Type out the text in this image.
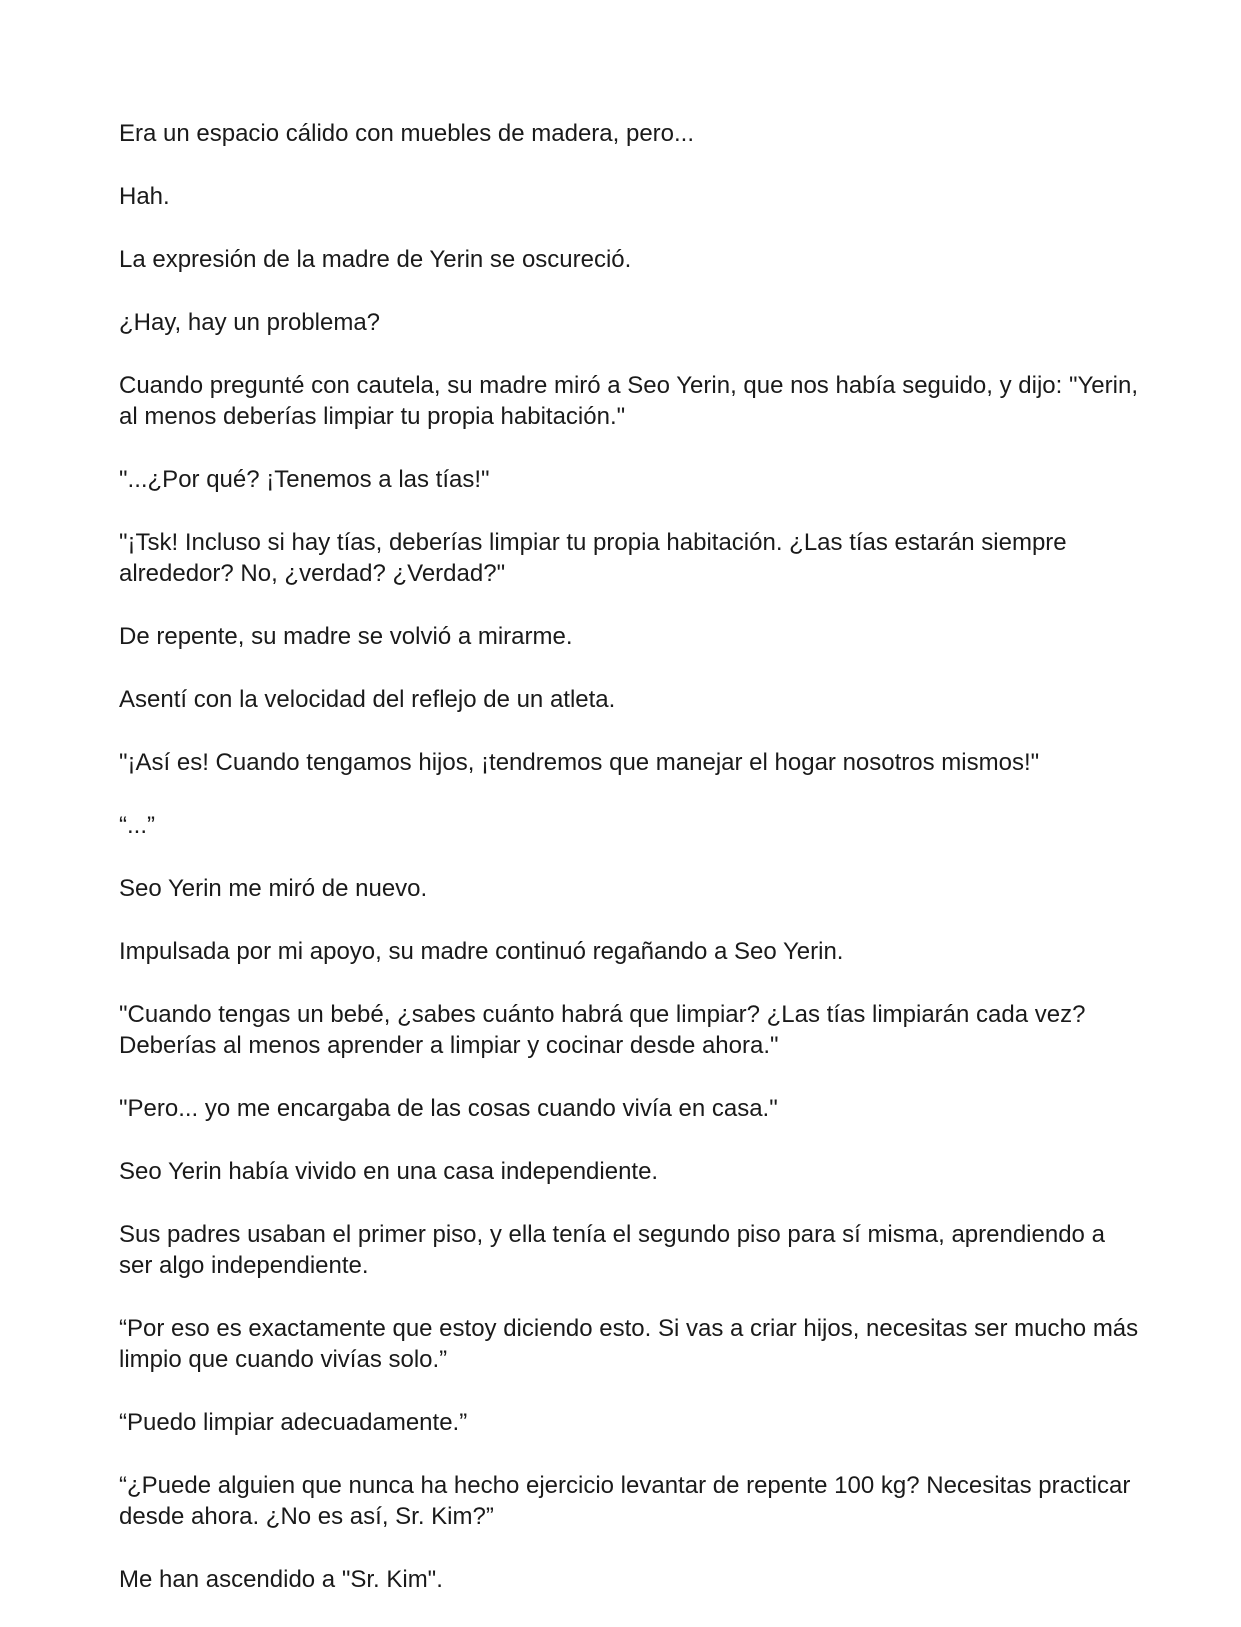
Era un espacio cálido con muebles de madera, pero...

Hah.

La expresión de la madre de Yerin se oscureció.

¿Hay, hay un problema?

Cuando pregunté con cautela, su madre miró a Seo Yerin, que nos había seguido, y dijo: "Yerin, al menos deberías limpiar tu propia habitación."

"...¿Por qué? ¡Tenemos a las tías!"

"¡Tsk! Incluso si hay tías, deberías limpiar tu propia habitación. ¿Las tías estarán siempre alrededor? No, ¿verdad? ¿Verdad?"

De repente, su madre se volvió a mirarme.

Asentí con la velocidad del reflejo de un atleta.

"¡Así es! Cuando tengamos hijos, ¡tendremos que manejar el hogar nosotros mismos!"

“...”

Seo Yerin me miró de nuevo.

Impulsada por mi apoyo, su madre continuó regañando a Seo Yerin.

"Cuando tengas un bebé, ¿sabes cuánto habrá que limpiar? ¿Las tías limpiarán cada vez? Deberías al menos aprender a limpiar y cocinar desde ahora."

"Pero... yo me encargaba de las cosas cuando vivía en casa."

Seo Yerin había vivido en una casa independiente.

Sus padres usaban el primer piso, y ella tenía el segundo piso para sí misma, aprendiendo a ser algo independiente.

“Por eso es exactamente que estoy diciendo esto. Si vas a criar hijos, necesitas ser mucho más limpio que cuando vivías solo.”

“Puedo limpiar adecuadamente.”

“¿Puede alguien que nunca ha hecho ejercicio levantar de repente 100 kg? Necesitas practicar desde ahora. ¿No es así, Sr. Kim?”

Me han ascendido a "Sr. Kim".
